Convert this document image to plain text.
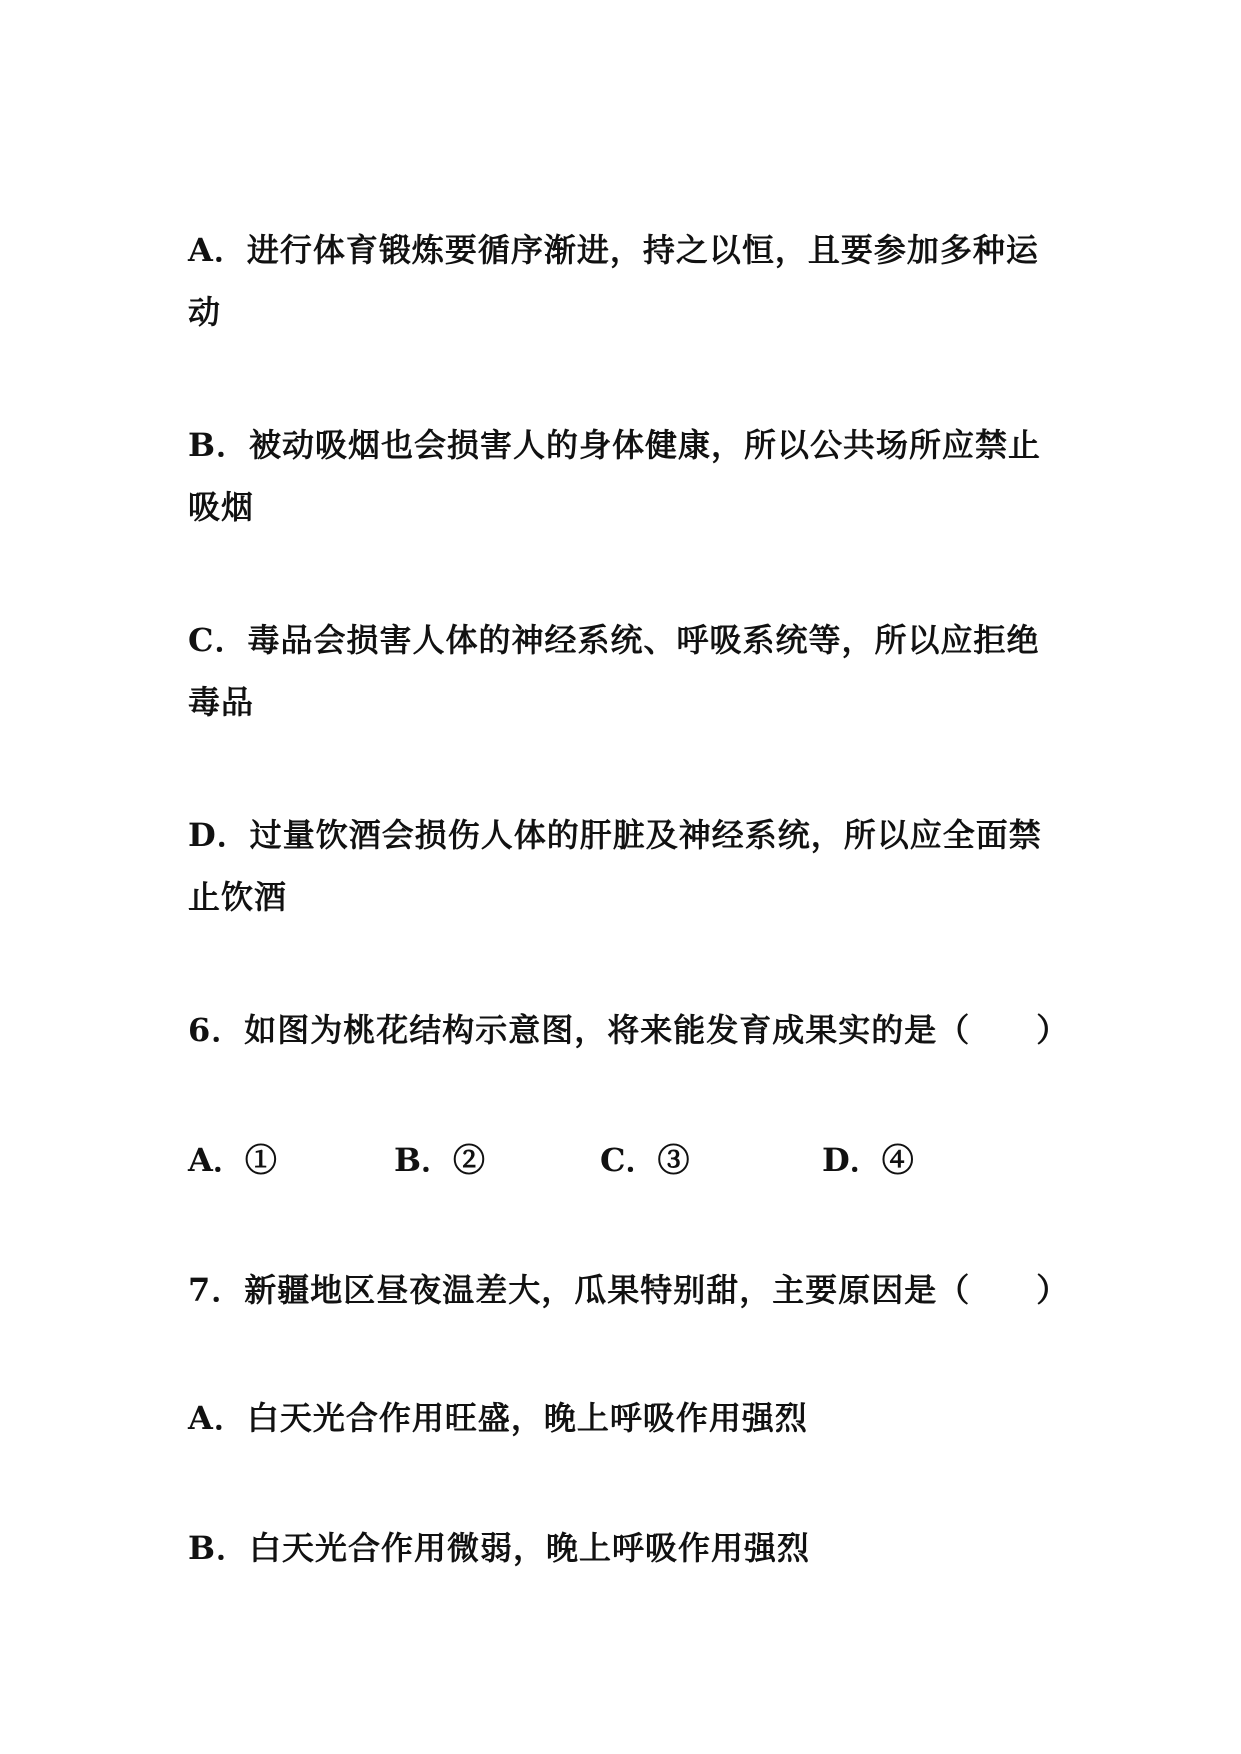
A．进行体育锻炼要循序渐进，持之以恒，且要参加多种运
动
B．被动吸烟也会损害人的身体健康，所以公共场所应禁止
吸烟
C．毒品会损害人体的神经系统、呼吸系统等，所以应拒绝
毒品
D．过量饮酒会损伤人体的肝脏及神经系统，所以应全面禁
止饮酒
6．如图为桃花结构示意图，将来能发育成果实的是（　　）
A．①	B．②	C．③	D．④
7．新疆地区昼夜温差大，瓜果特别甜，主要原因是（　　）
A．白天光合作用旺盛，晚上呼吸作用强烈
B．白天光合作用微弱，晚上呼吸作用强烈
